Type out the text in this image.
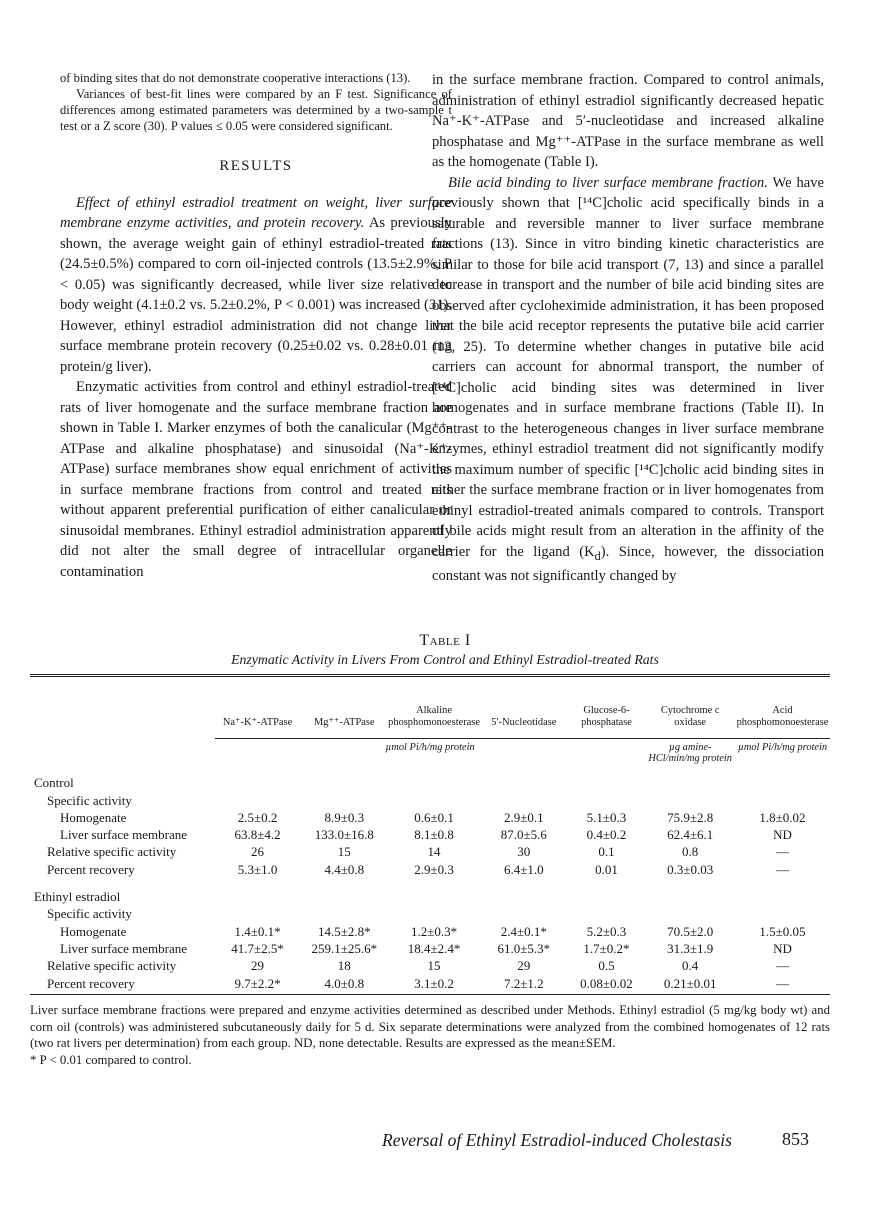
of binding sites that do not demonstrate cooperative interactions (13).

Variances of best-fit lines were compared by an F test. Significance of differences among estimated parameters was determined by a two-sample t test or a Z score (30). P values ≤ 0.05 were considered significant.

RESULTS

Effect of ethinyl estradiol treatment on weight, liver surface membrane enzyme activities, and protein recovery. As previously shown, the average weight gain of ethinyl estradiol-treated rats (24.5±0.5%) compared to corn oil-injected controls (13.5±2.9%, P < 0.05) was significantly decreased, while liver size relative to body weight (4.1±0.2 vs. 5.2±0.2%, P < 0.001) was increased (31). However, ethinyl estradiol administration did not change liver surface membrane protein recovery (0.25±0.02 vs. 0.28±0.01 mg protein/g liver).

Enzymatic activities from control and ethinyl estradiol-treated rats of liver homogenate and the surface membrane fraction are shown in Table I. Marker enzymes of both the canalicular (Mg⁺⁺-ATPase and alkaline phosphatase) and sinusoidal (Na⁺-K⁺-ATPase) surface membranes show equal enrichment of activities in surface membrane fractions from control and treated rats without apparent preferential purification of either canalicular or sinusoidal membranes. Ethinyl estradiol administration apparently did not alter the small degree of intracellular organelle contamination

in the surface membrane fraction. Compared to control animals, administration of ethinyl estradiol significantly decreased hepatic Na⁺-K⁺-ATPase and 5′-nucleotidase and increased alkaline phosphatase and Mg⁺⁺-ATPase in the surface membrane as well as the homogenate (Table I).

Bile acid binding to liver surface membrane fraction. We have previously shown that [¹⁴C]cholic acid specifically binds in a saturable and reversible manner to liver surface membrane fractions (13). Since in vitro binding kinetic characteristics are similar to those for bile acid transport (7, 13) and since a parallel decrease in transport and the number of bile acid binding sites are observed after cycloheximide administration, it has been proposed that the bile acid receptor represents the putative bile acid carrier (13, 25). To determine whether changes in putative bile acid carriers can account for abnormal transport, the number of [¹⁴C]cholic acid binding sites was determined in liver homogenates and in surface membrane fractions (Table II). In contrast to the heterogeneous changes in liver surface membrane enzymes, ethinyl estradiol treatment did not significantly modify the maximum number of specific [¹⁴C]cholic acid binding sites in either the surface membrane fraction or in liver homogenates from ethinyl estradiol-treated animals compared to controls. Transport of bile acids might result from an alteration in the affinity of the carrier for the ligand $(K_d)$. Since, however, the dissociation constant was not significantly changed by

Table I
Enzymatic Activity in Livers From Control and Ethinyl Estradiol-treated Rats
	Na⁺-K⁺-ATPase	Mg⁺⁺-ATPase	Alkaline phosphomonoesterase	5′-Nucleotidase	Glucose-6-phosphatase	Cytochrome c oxidase	Acid phosphomonoesterase
	µmol Pi/h/mg protein					µg amine-HCl/min/mg protein	µmol Pi/h/mg protein
Control							
Specific activity							
Homogenate	2.5±0.2	8.9±0.3	0.6±0.1	2.9±0.1	5.1±0.3	75.9±2.8	1.8±0.02
Liver surface membrane	63.8±4.2	133.0±16.8	8.1±0.8	87.0±5.6	0.4±0.2	62.4±6.1	ND
Relative specific activity	26	15	14	30	0.1	0.8	—
Percent recovery	5.3±1.0	4.4±0.8	2.9±0.3	6.4±1.0	0.01	0.3±0.03	—

Ethinyl estradiol							
Specific activity							
Homogenate	1.4±0.1*	14.5±2.8*	1.2±0.3*	2.4±0.1*	5.2±0.3	70.5±2.0	1.5±0.05
Liver surface membrane	41.7±2.5*	259.1±25.6*	18.4±2.4*	61.0±5.3*	1.7±0.2*	31.3±1.9	ND
Relative specific activity	29	18	15	29	0.5	0.4	—
Percent recovery	9.7±2.2*	4.0±0.8	3.1±0.2	7.2±1.2	0.08±0.02	0.21±0.01	—

Liver surface membrane fractions were prepared and enzyme activities determined as described under Methods. Ethinyl estradiol (5 mg/kg body wt) and corn oil (controls) was administered subcutaneously daily for 5 d. Six separate determinations were analyzed from the combined homogenates of 12 rats (two rat livers per determination) from each group. ND, none detectable. Results are expressed as the mean±SEM.

* P < 0.01 compared to control.

Reversal of Ethinyl Estradiol-induced Cholestasis	853
